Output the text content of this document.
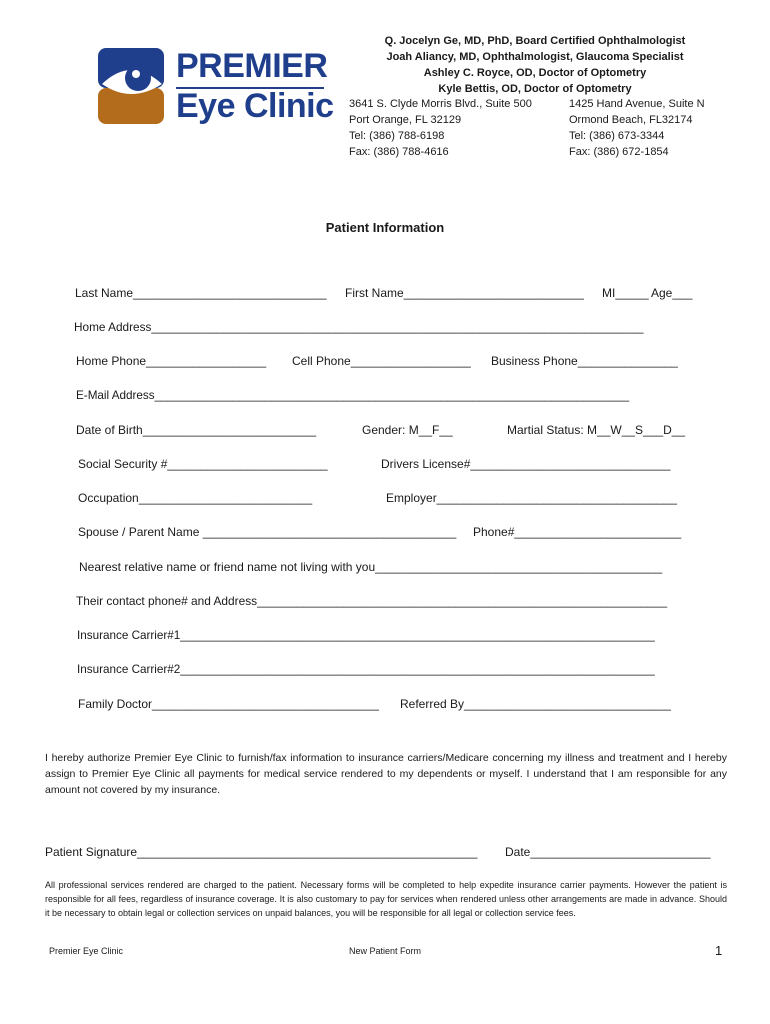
PREMIER
Eye Clinic
Q. Jocelyn Ge, MD, PhD, Board Certified Ophthalmologist
Joah Aliancy, MD, Ophthalmologist, Glaucoma Specialist
Ashley C. Royce, OD, Doctor of Optometry
Kyle Bettis, OD, Doctor of Optometry
3641 S. Clyde Morris Blvd., Suite 500
Port Orange, FL 32129
Tel: (386) 788-6198
Fax: (386) 788-4616
1425 Hand Avenue, Suite N
Ormond Beach, FL32174
Tel: (386) 673-3344
Fax: (386) 672-1854
Patient Information
Last Name_____________________________ First Name___________________________ MI_____ Age___
Home Address___________________________________________________________________________
Home Phone__________________ Cell Phone__________________ Business Phone_______________
E-Mail Address_________________________________________________________________________
Date of Birth__________________________	Gender: M__F__	Martial Status: M__W__S___D__
Social Security #________________________	Drivers License#______________________________
Occupation__________________________	Employer____________________________________
Spouse / Parent Name ______________________________________ Phone#_________________________
Nearest relative name or friend name not living with you___________________________________________
Their contact phone# and Address______________________________________________________________
Insurance Carrier#1_________________________________________________________________________
Insurance Carrier#2_________________________________________________________________________
Family Doctor__________________________________ Referred By_______________________________
I hereby authorize Premier Eye Clinic to furnish/fax information to insurance carriers/Medicare concerning my illness and treatment and I hereby assign to Premier Eye Clinic all payments for medical service rendered to my dependents or myself. I understand that I am responsible for any amount not covered by my insurance.
Patient Signature___________________________________________________ Date___________________________
All professional services rendered are charged to the patient. Necessary forms will be completed to help expedite insurance carrier payments. However the patient is responsible for all fees, regardless of insurance coverage. It is also customary to pay for services when rendered unless other arrangements are made in advance. Should it be necessary to obtain legal or collection services on unpaid balances, you will be responsible for all legal or collection service fees.
Premier Eye Clinic	New Patient Form	1
